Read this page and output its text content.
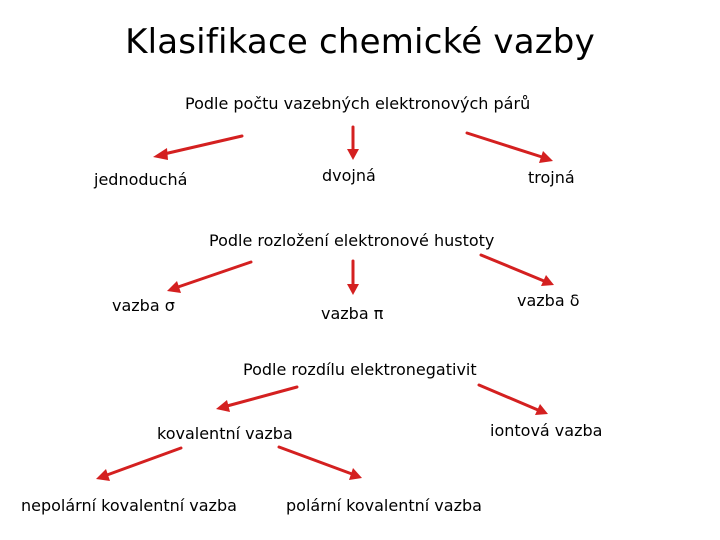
Klasifikace chemické vazby
Podle počtu vazebných elektronových párů
jednoduchá	dvojná	trojná
Podle rozložení elektronové hustoty
vazba σ	vazba π
vazba δ
Podle rozdílu elektronegativit
kovalentní vazba	iontová vazba
nepolární kovalentní vazba	polární kovalentní vazba
